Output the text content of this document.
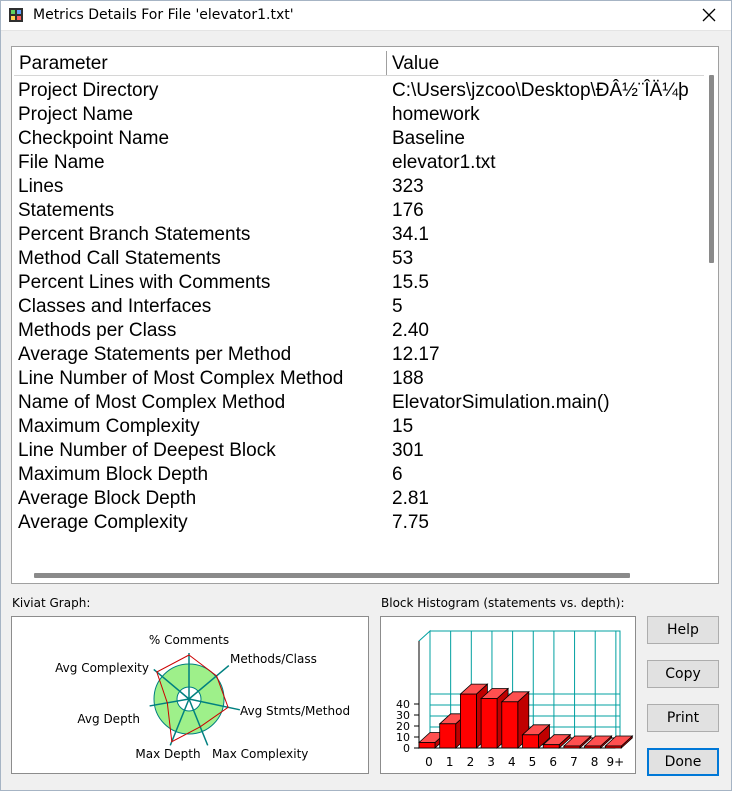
Metrics Details For File 'elevator1.txt'
Parameter	Value
Project Directory	C:\Users\jzcoo\Desktop\ÐÂ½¨ÎÄ¼þ
Project Name	homework
Checkpoint Name	Baseline
File Name	elevator1.txt
Lines	323
Statements	176
Percent Branch Statements	34.1
Method Call Statements	53
Percent Lines with Comments	15.5
Classes and Interfaces	5
Methods per Class	2.40
Average Statements per Method	12.17
Line Number of Most Complex Method	188
Name of Most Complex Method	ElevatorSimulation.main()
Maximum Complexity	15
Line Number of Deepest Block	301
Maximum Block Depth	6
Average Block Depth	2.81
Average Complexity	7.75
Kiviat Graph:
% Comments
Methods/Class
Avg Stmts/Method
Max Complexity
Max Depth
Avg Depth
Avg Complexity
Block Histogram (statements vs. depth):
0
10
20
30
40
0 1 2 3 4 5 6 7 8 9+
Help
Copy
Print
Done
